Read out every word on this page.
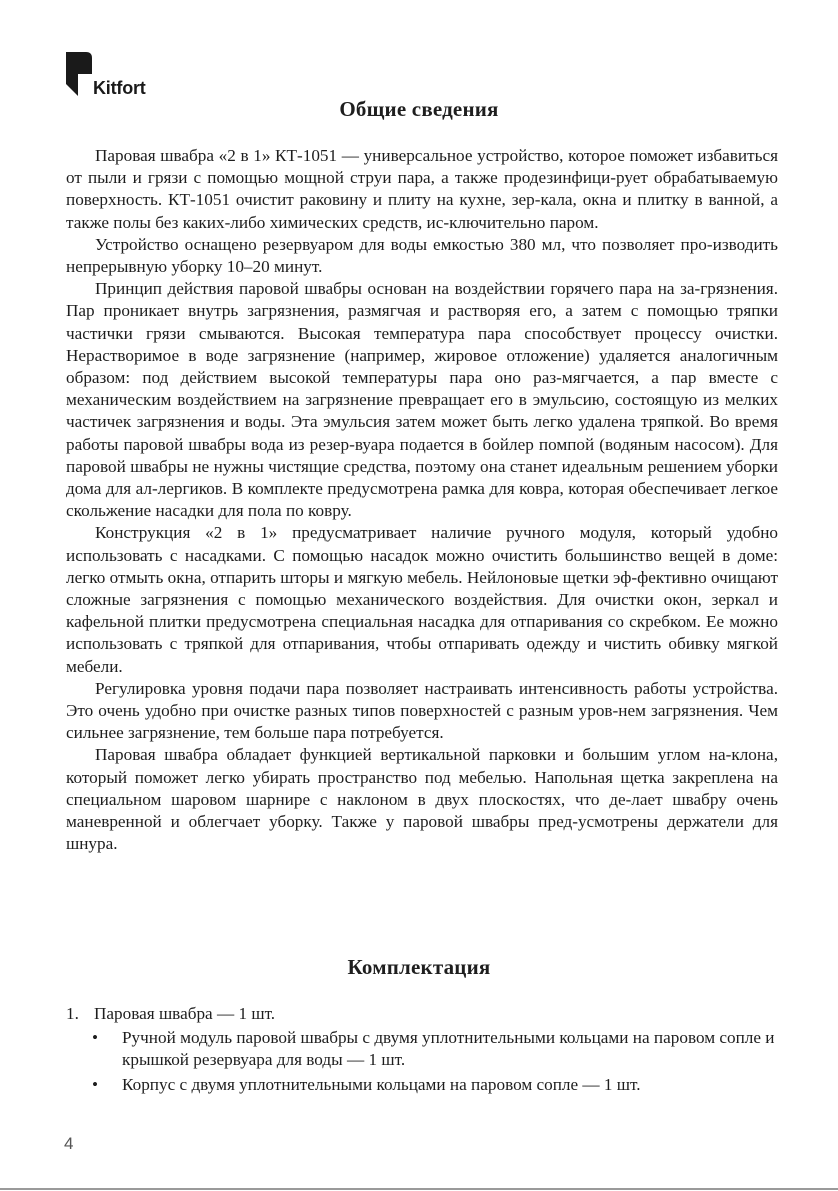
Kitfort
Общие сведения

Паровая швабра «2 в 1» КТ-1051 — универсальное устройство, которое поможет избавиться от пыли и грязи с помощью мощной струи пара, а также продезинфици-рует обрабатываемую поверхность. КТ-1051 очистит раковину и плиту на кухне, зер-кала, окна и плитку в ванной, а также полы без каких-либо химических средств, ис-ключительно паром.

Устройство оснащено резервуаром для воды емкостью 380 мл, что позволяет про-изводить непрерывную уборку 10–20 минут.

Принцип действия паровой швабры основан на воздействии горячего пара на за-грязнения. Пар проникает внутрь загрязнения, размягчая и растворяя его, а затем с помощью тряпки частички грязи смываются. Высокая температура пара способствует процессу очистки. Нерастворимое в воде загрязнение (например, жировое отложение) удаляется аналогичным образом: под действием высокой температуры пара оно раз-мягчается, а пар вместе с механическим воздействием на загрязнение превращает его в эмульсию, состоящую из мелких частичек загрязнения и воды. Эта эмульсия затем может быть легко удалена тряпкой. Во время работы паровой швабры вода из резер-вуара подается в бойлер помпой (водяным насосом). Для паровой швабры не нужны чистящие средства, поэтому она станет идеальным решением уборки дома для ал-лергиков. В комплекте предусмотрена рамка для ковра, которая обеспечивает легкое скольжение насадки для пола по ковру.

Конструкция «2 в 1» предусматривает наличие ручного модуля, который удобно использовать с насадками. С помощью насадок можно очистить большинство вещей в доме: легко отмыть окна, отпарить шторы и мягкую мебель. Нейлоновые щетки эф-фективно очищают сложные загрязнения с помощью механического воздействия. Для очистки окон, зеркал и кафельной плитки предусмотрена специальная насадка для отпаривания со скребком. Ее можно использовать с тряпкой для отпаривания, чтобы отпаривать одежду и чистить обивку мягкой мебели.

Регулировка уровня подачи пара позволяет настраивать интенсивность работы устройства. Это очень удобно при очистке разных типов поверхностей с разным уров-нем загрязнения. Чем сильнее загрязнение, тем больше пара потребуется.

Паровая швабра обладает функцией вертикальной парковки и большим углом на-клона, который поможет легко убирать пространство под мебелью. Напольная щетка закреплена на специальном шаровом шарнире с наклоном в двух плоскостях, что де-лает швабру очень маневренной и облегчает уборку. Также у паровой швабры пред-усмотрены держатели для шнура.

Комплектация
1. Паровая швабра — 1 шт.
• Ручной модуль паровой швабры с двумя уплотнительными кольцами на паровом сопле и крышкой резервуара для воды — 1 шт.
• Корпус с двумя уплотнительными кольцами на паровом сопле — 1 шт.
4
